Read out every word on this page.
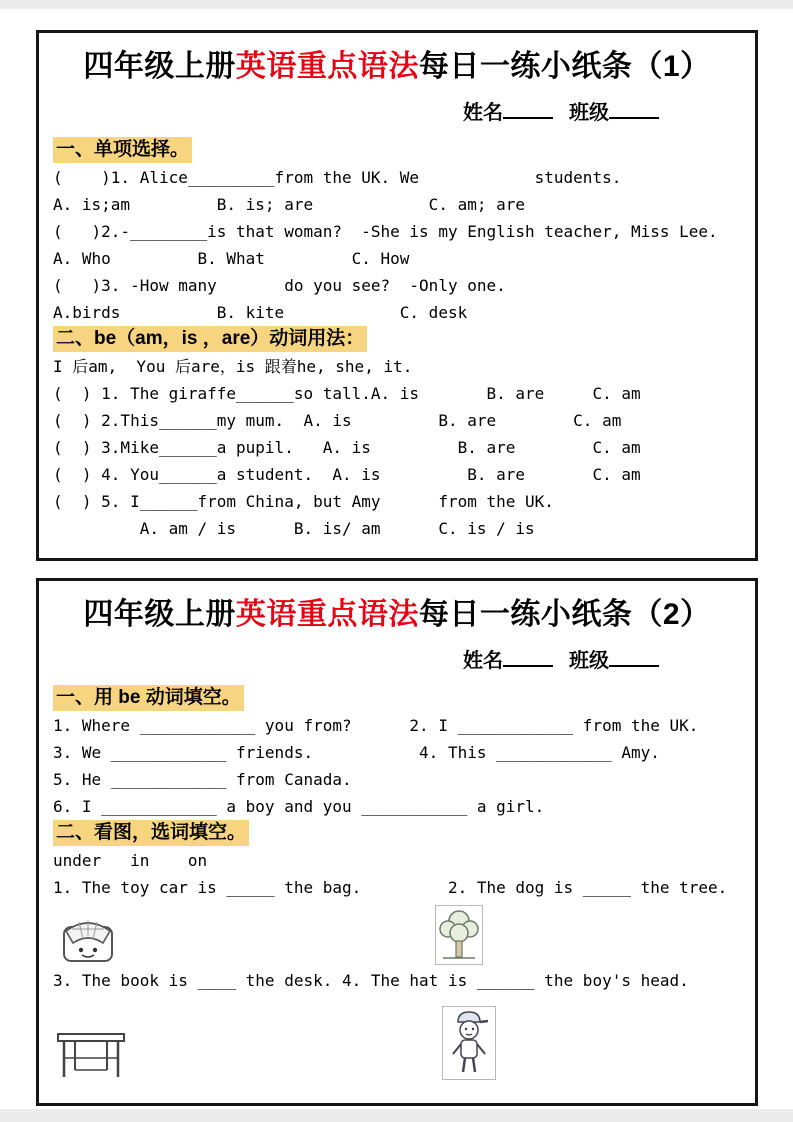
四年级上册英语重点语法每日一练小纸条（1）
姓名	班级
一、单项选择。
(    )1. Alice_________from the UK. We            students.
A. is;am         B. is; are            C. am; are
(   )2.-________is that woman?  -She is my English teacher, Miss Lee.
A. Who         B. What         C. How
(   )3. -How many       do you see?  -Only one.
A.birds          B. kite            C. desk
二、be（am，is ，are）动词用法：
I 后am,  You 后are，is 跟着he, she, it.
(  ) 1. The giraffe______so tall.A. is       B. are     C. am
(  ) 2.This______my mum.  A. is         B. are        C. am
(  ) 3.Mike______a pupil.   A. is         B. are        C. am
(  ) 4. You______a student.  A. is         B. are       C. am
(  ) 5. I______from China, but Amy      from the UK.
A. am / is      B. is/ am      C. is / is
四年级上册英语重点语法每日一练小纸条（2）
姓名	班级
一、用 be 动词填空。
1. Where ____________ you from?      2. I ____________ from the UK.
3. We ____________ friends.           4. This ____________ Amy.
5. He ____________ from Canada.
6. I ____________ a boy and you ___________ a girl.
二、看图，选词填空。
under   in    on
1. The toy car is _____ the bag.         2. The dog is _____ the tree.
3. The book is ____ the desk. 4. The hat is ______ the boy's head.
